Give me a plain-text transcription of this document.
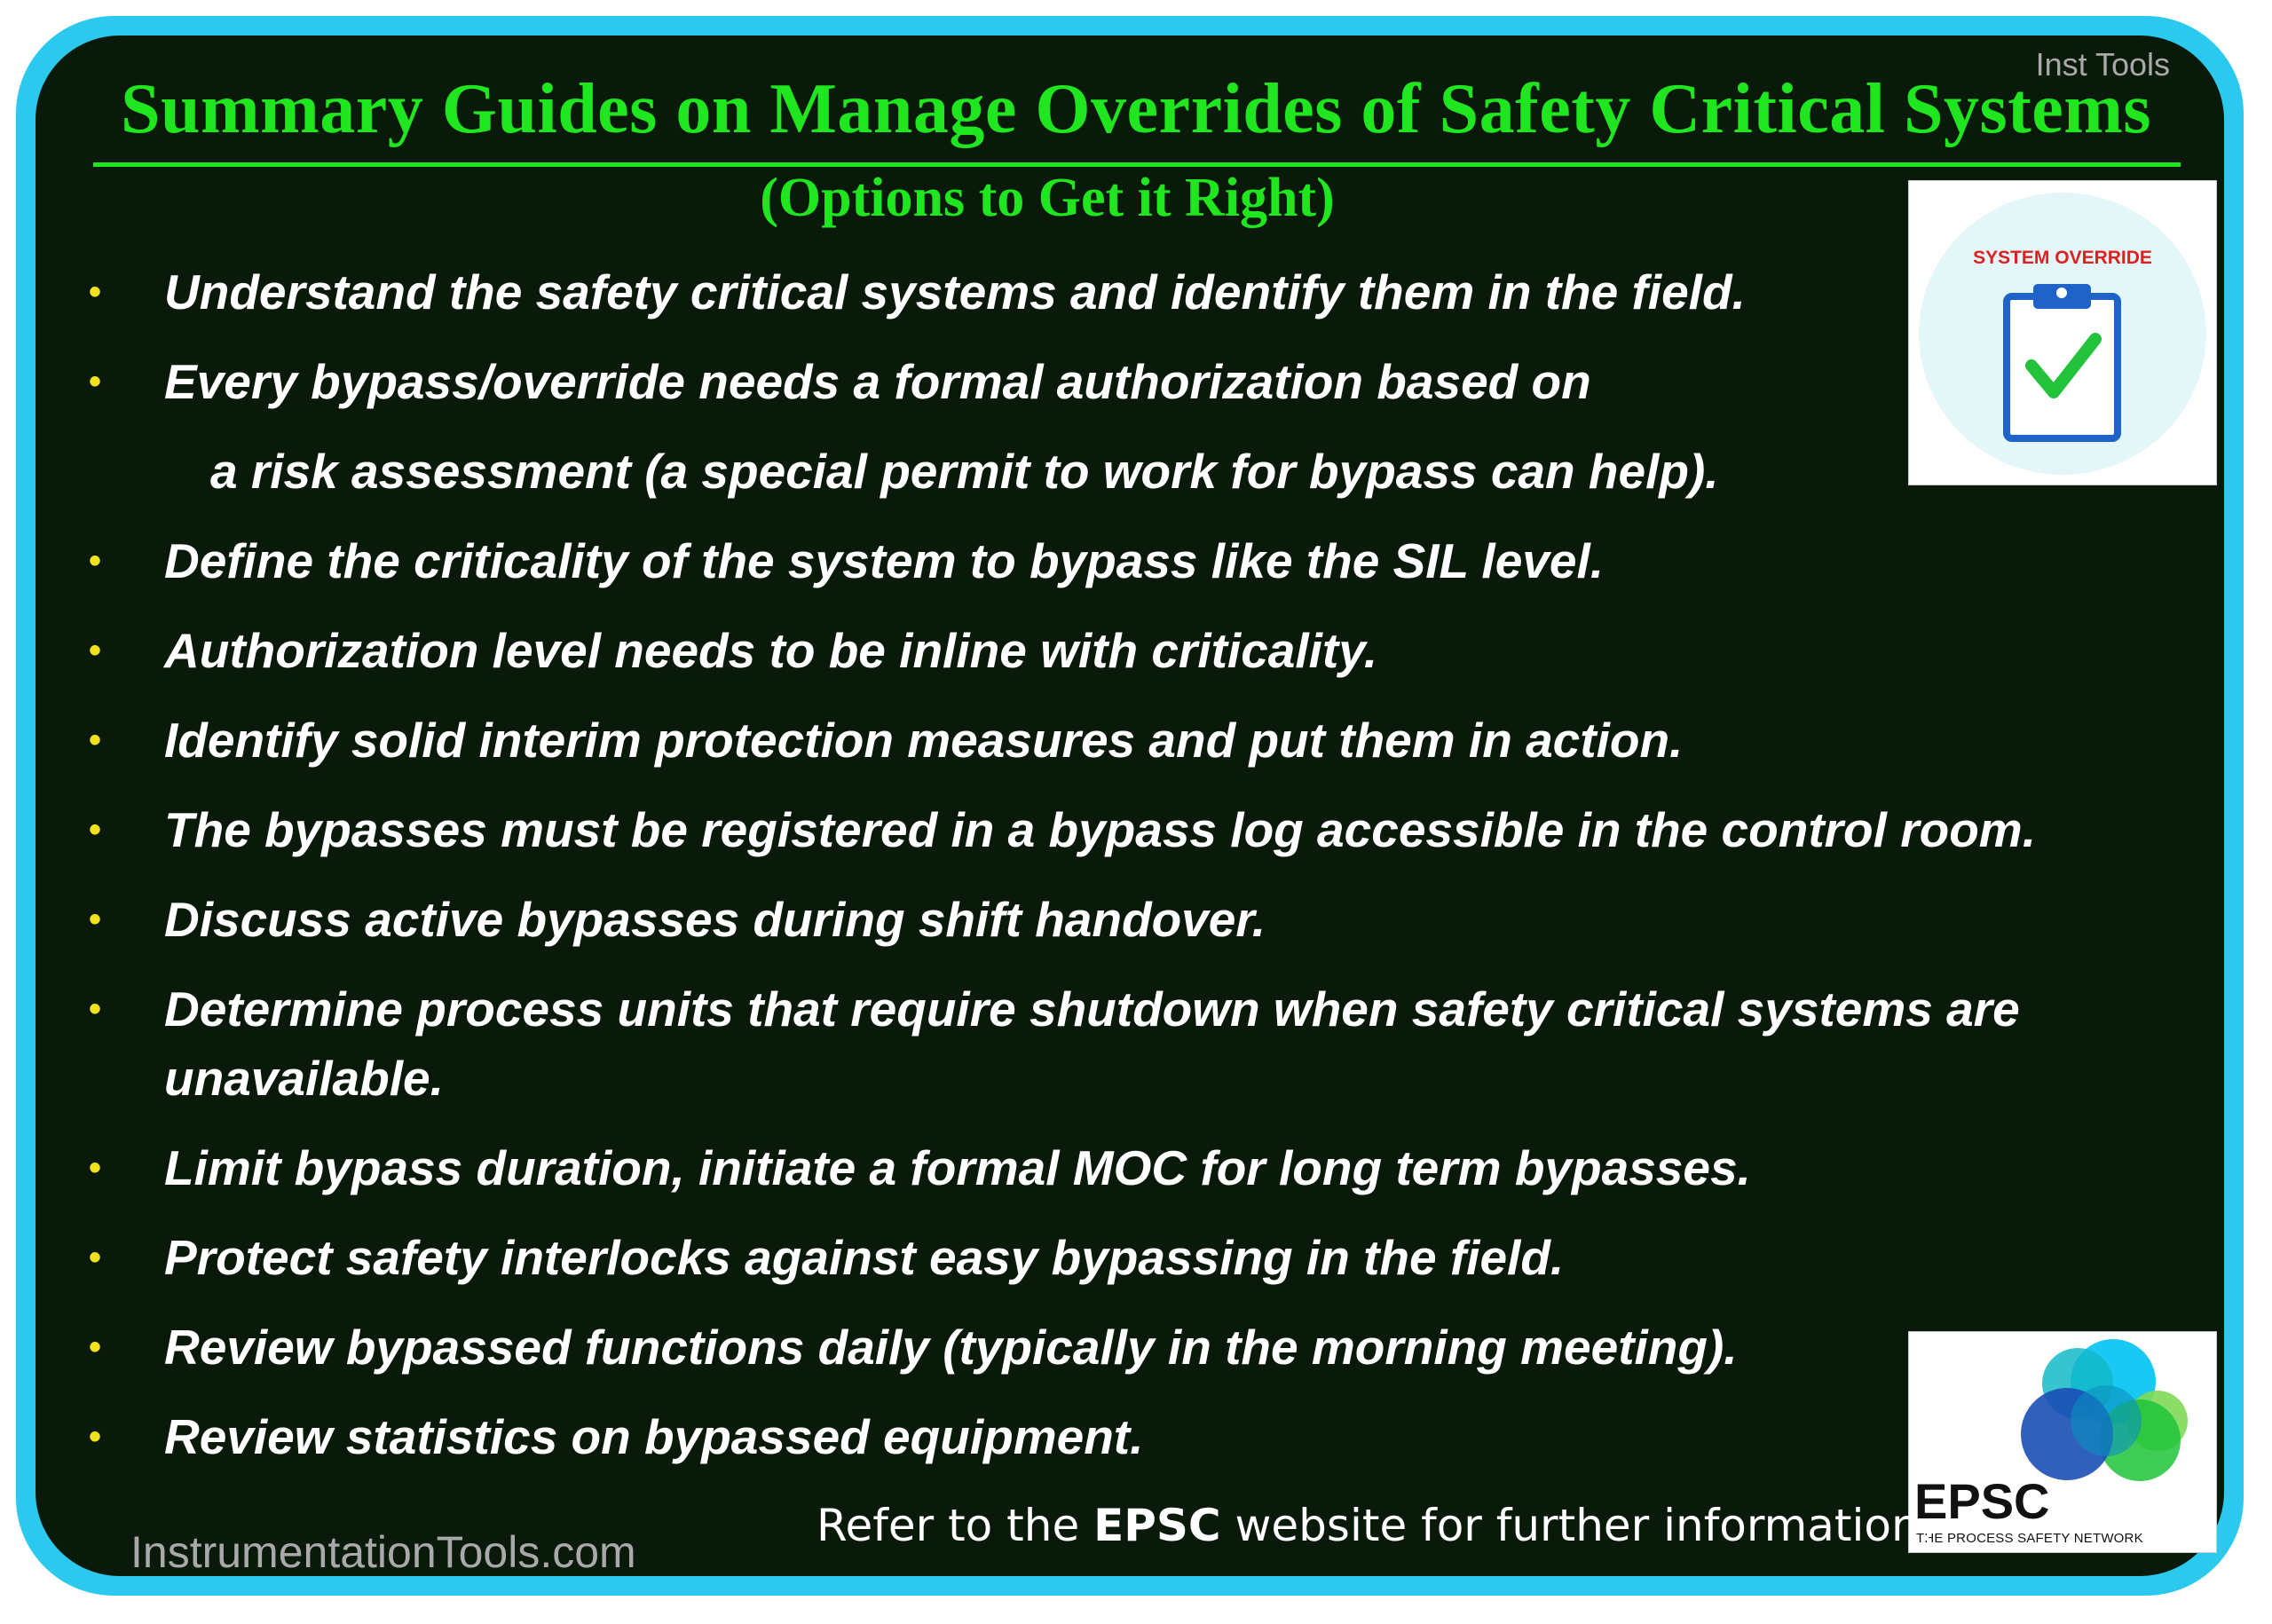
Inst Tools
Summary Guides on Manage Overrides of Safety Critical Systems
(Options to Get it Right)
• Understand the safety critical systems and identify them in the field.
• Every bypass/override needs a formal authorization based on
a risk assessment (a special permit to work for bypass can help).
• Define the criticality of the system to bypass like the SIL level.
• Authorization level needs to be inline with criticality.
• Identify solid interim protection measures and put them in action.
• The bypasses must be registered in a bypass log accessible in the control room.
• Discuss active bypasses during shift handover.
• Determine process units that require shutdown when safety critical systems are unavailable.
• Limit bypass duration, initiate a formal MOC for long term bypasses.
• Protect safety interlocks against easy bypassing in the field.
• Review bypassed functions daily (typically in the morning meeting).
• Review statistics on bypassed equipment.
SYSTEM OVERRIDE
EPSC
THE PROCESS SAFETY NETWORK
Refer to the EPSC website for further information.
InstrumentationTools.com
